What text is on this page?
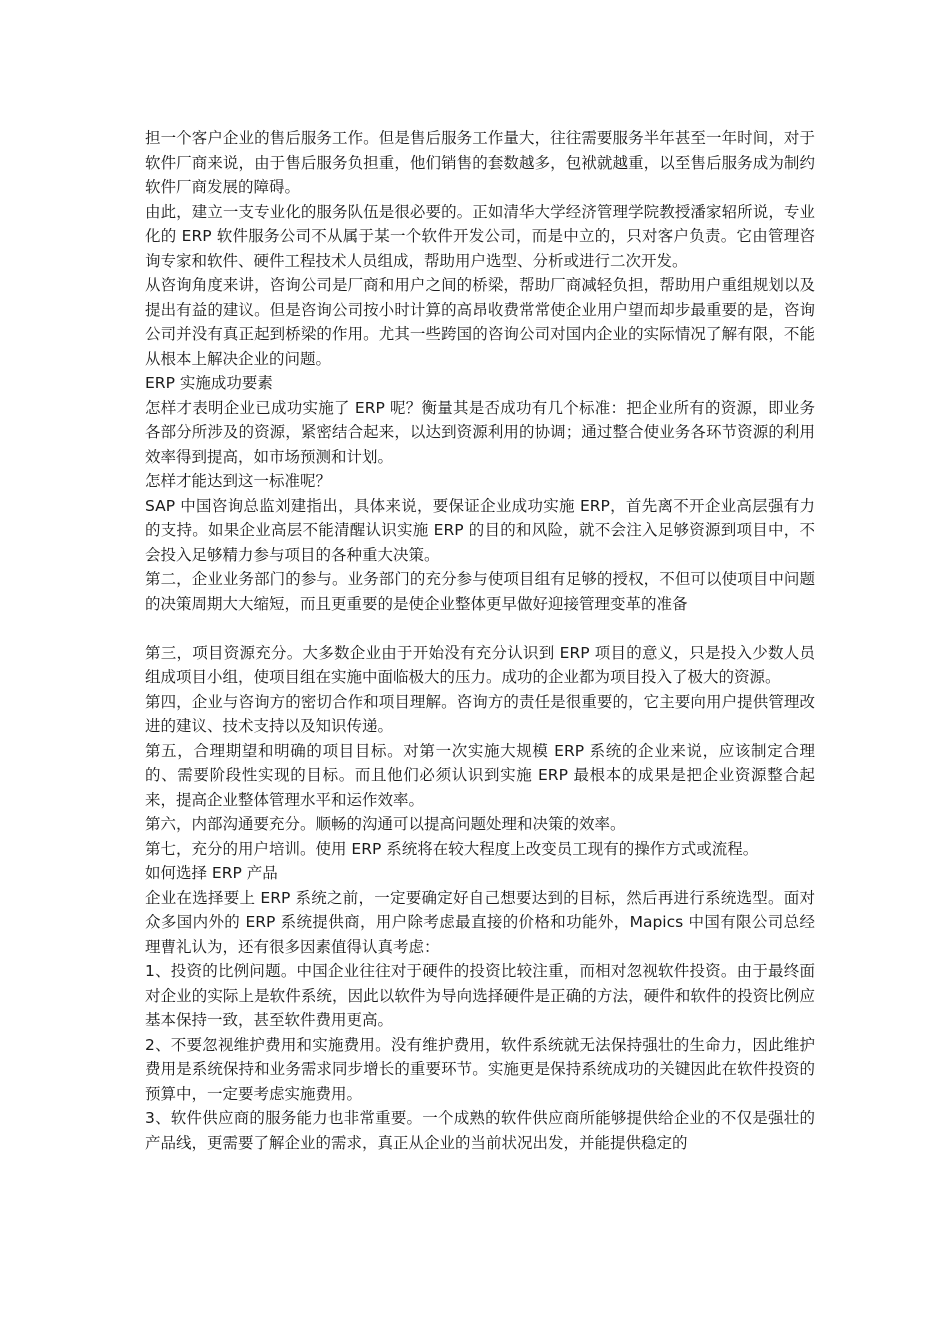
担一个客户企业的售后服务工作。但是售后服务工作量大，往往需要服务半年甚至一年时间，对于软件厂商来说，由于售后服务负担重，他们销售的套数越多，包袱就越重，以至售后服务成为制约软件厂商发展的障碍。

由此，建立一支专业化的服务队伍是很必要的。正如清华大学经济管理学院教授潘家轺所说，专业化的 ERP 软件服务公司不从属于某一个软件开发公司，而是中立的，只对客户负责。它由管理咨询专家和软件、硬件工程技术人员组成，帮助用户选型、分析或进行二次开发。

从咨询角度来讲，咨询公司是厂商和用户之间的桥梁，帮助厂商减轻负担，帮助用户重组规划以及提出有益的建议。但是咨询公司按小时计算的高昂收费常常使企业用户望而却步最重要的是，咨询公司并没有真正起到桥梁的作用。尤其一些跨国的咨询公司对国内企业的实际情况了解有限，不能从根本上解决企业的问题。

ERP 实施成功要素

怎样才表明企业已成功实施了 ERP 呢？衡量其是否成功有几个标准：把企业所有的资源，即业务各部分所涉及的资源，紧密结合起来，以达到资源利用的协调；通过整合使业务各环节资源的利用效率得到提高，如市场预测和计划。

怎样才能达到这一标准呢？

SAP 中国咨询总监刘建指出，具体来说，要保证企业成功实施 ERP，首先离不开企业高层强有力的支持。如果企业高层不能清醒认识实施 ERP 的目的和风险，就不会注入足够资源到项目中，不会投入足够精力参与项目的各种重大决策。

第二，企业业务部门的参与。业务部门的充分参与使项目组有足够的授权，不但可以使项目中问题的决策周期大大缩短，而且更重要的是使企业整体更早做好迎接管理变革的准备

第三，项目资源充分。大多数企业由于开始没有充分认识到 ERP 项目的意义，只是投入少数人员组成项目小组，使项目组在实施中面临极大的压力。成功的企业都为项目投入了极大的资源。

第四，企业与咨询方的密切合作和项目理解。咨询方的责任是很重要的，它主要向用户提供管理改进的建议、技术支持以及知识传递。

第五，合理期望和明确的项目目标。对第一次实施大规模 ERP 系统的企业来说，应该制定合理的、需要阶段性实现的目标。而且他们必须认识到实施 ERP 最根本的成果是把企业资源整合起来，提高企业整体管理水平和运作效率。

第六，内部沟通要充分。顺畅的沟通可以提高问题处理和决策的效率。

第七，充分的用户培训。使用 ERP 系统将在较大程度上改变员工现有的操作方式或流程。

如何选择 ERP 产品

企业在选择要上 ERP 系统之前，一定要确定好自己想要达到的目标，然后再进行系统选型。面对众多国内外的 ERP 系统提供商，用户除考虑最直接的价格和功能外，Mapics 中国有限公司总经理曹礼认为，还有很多因素值得认真考虑：

1、投资的比例问题。中国企业往往对于硬件的投资比较注重，而相对忽视软件投资。由于最终面对企业的实际上是软件系统，因此以软件为导向选择硬件是正确的方法，硬件和软件的投资比例应基本保持一致，甚至软件费用更高。

2、不要忽视维护费用和实施费用。没有维护费用，软件系统就无法保持强壮的生命力，因此维护费用是系统保持和业务需求同步增长的重要环节。实施更是保持系统成功的关键因此在软件投资的预算中，一定要考虑实施费用。

3、软件供应商的服务能力也非常重要。一个成熟的软件供应商所能够提供给企业的不仅是强壮的产品线，更需要了解企业的需求，真正从企业的当前状况出发，并能提供稳定的
